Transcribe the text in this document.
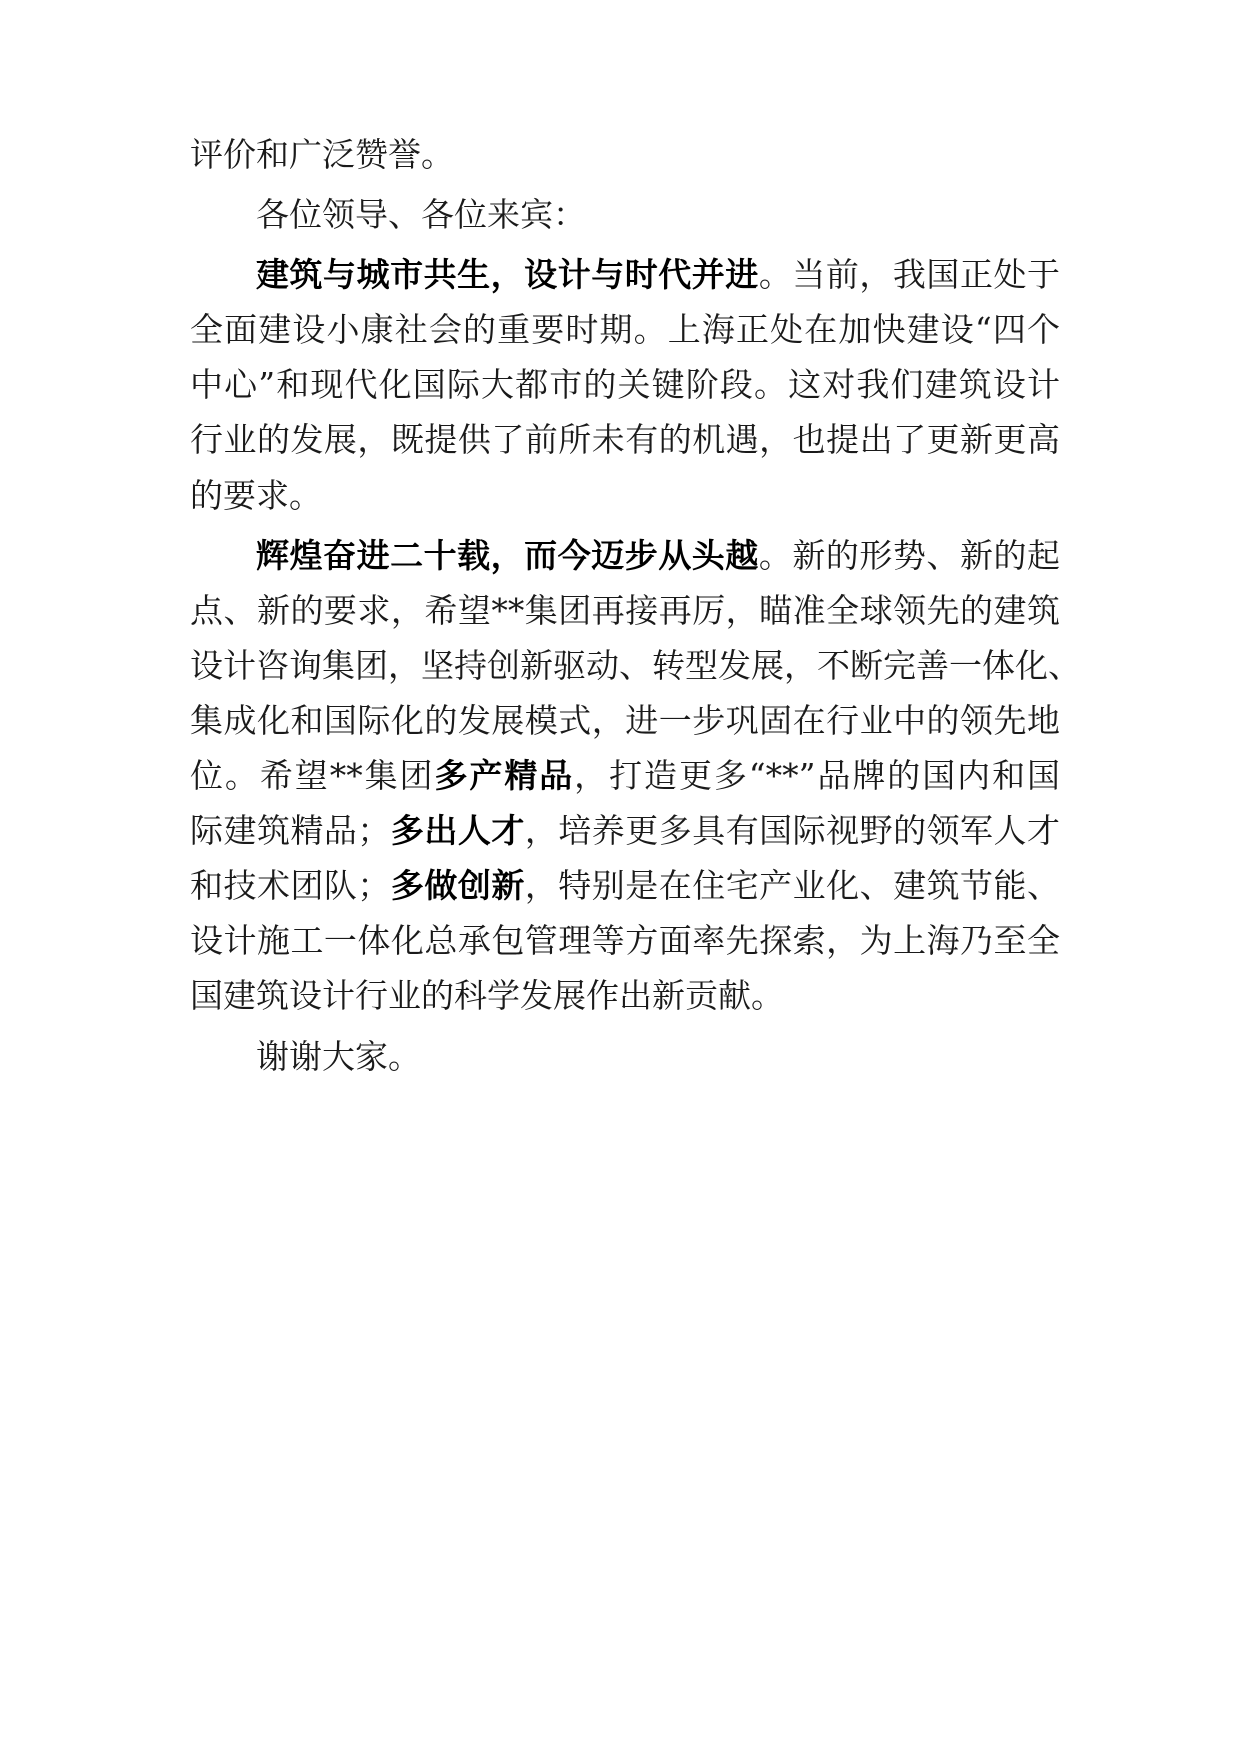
评价和广泛赞誉。
各位领导、各位来宾：
建筑与城市共生，设计与时代并进。当前，我国正处于
全面建设小康社会的重要时期。上海正处在加快建设“四个
中心”和现代化国际大都市的关键阶段。这对我们建筑设计
行业的发展，既提供了前所未有的机遇，也提出了更新更高
的要求。
辉煌奋进二十载，而今迈步从头越。新的形势、新的起
点、新的要求，希望**集团再接再厉，瞄准全球领先的建筑
设计咨询集团，坚持创新驱动、转型发展，不断完善一体化、
集成化和国际化的发展模式，进一步巩固在行业中的领先地
位。希望**集团多产精品，打造更多“**”品牌的国内和国
际建筑精品；多出人才，培养更多具有国际视野的领军人才
和技术团队；多做创新，特别是在住宅产业化、建筑节能、
设计施工一体化总承包管理等方面率先探索，为上海乃至全
国建筑设计行业的科学发展作出新贡献。
谢谢大家。
